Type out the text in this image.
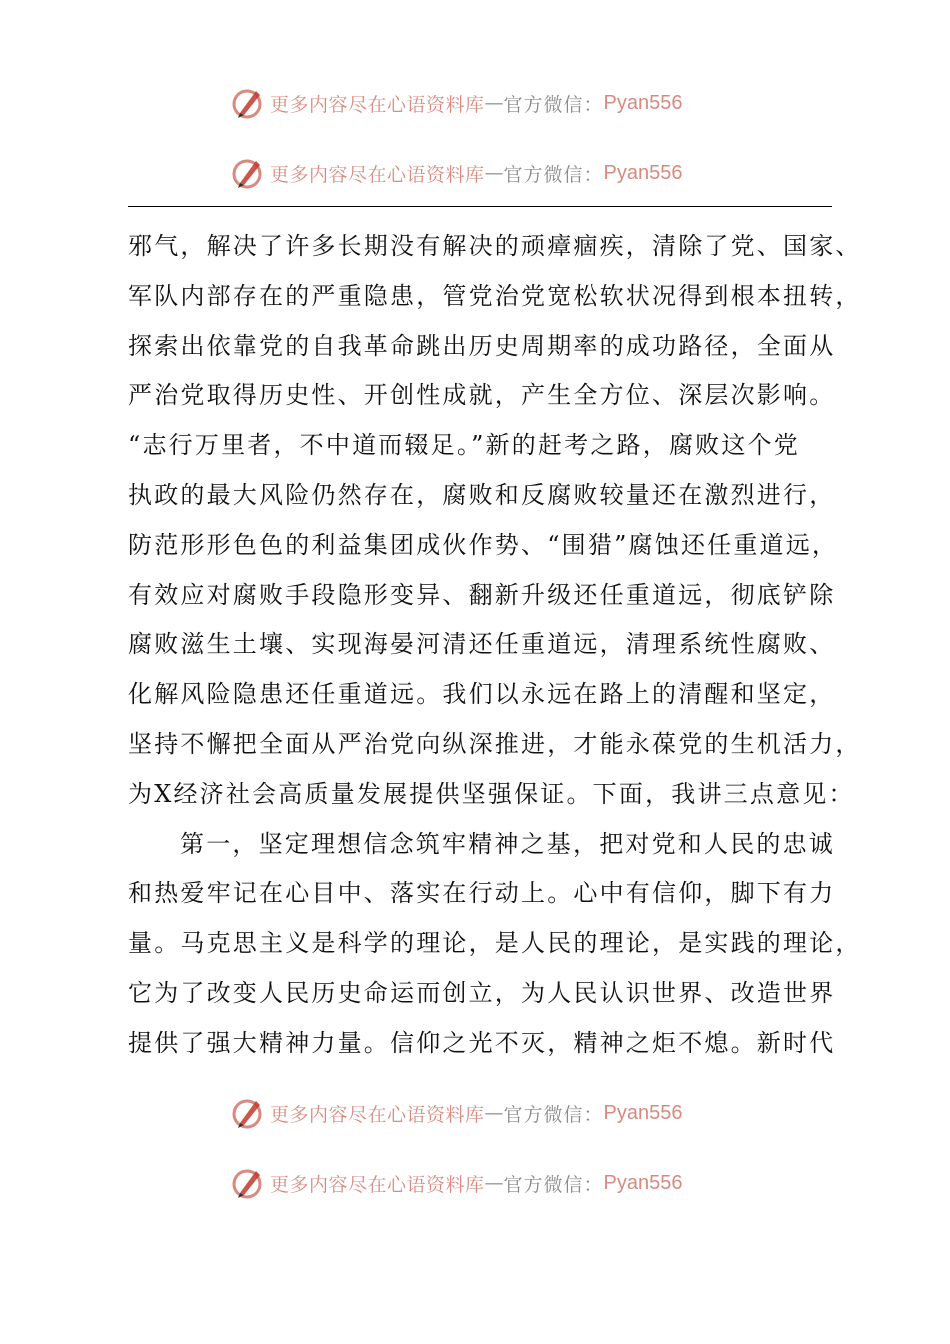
更多内容尽在心语资料库 — 官方微信： Pyan556
更多内容尽在心语资料库 — 官方微信： Pyan556
邪气，解决了许多长期没有解决的顽瘴痼疾，清除了党、国家、
军队内部存在的严重隐患，管党治党宽松软状况得到根本扭转，
探索出依靠党的自我革命跳出历史周期率的成功路径，全面从
严治党取得历史性、开创性成就，产生全方位、深层次影响。
“志行万里者，不中道而辍足。”新的赶考之路，腐败这个党
执政的最大风险仍然存在，腐败和反腐败较量还在激烈进行，
防范形形色色的利益集团成伙作势、“围猎”腐蚀还任重道远，
有效应对腐败手段隐形变异、翻新升级还任重道远，彻底铲除
腐败滋生土壤、实现海晏河清还任重道远，清理系统性腐败、
化解风险隐患还任重道远。我们以永远在路上的清醒和坚定，
坚持不懈把全面从严治党向纵深推进，才能永葆党的生机活力，
为X经济社会高质量发展提供坚强保证。下面，我讲三点意见：
第一，坚定理想信念筑牢精神之基，把对党和人民的忠诚
和热爱牢记在心目中、落实在行动上。心中有信仰，脚下有力
量。马克思主义是科学的理论，是人民的理论，是实践的理论，
它为了改变人民历史命运而创立，为人民认识世界、改造世界
提供了强大精神力量。信仰之光不灭，精神之炬不熄。新时代
更多内容尽在心语资料库 — 官方微信： Pyan556
更多内容尽在心语资料库 — 官方微信： Pyan556
